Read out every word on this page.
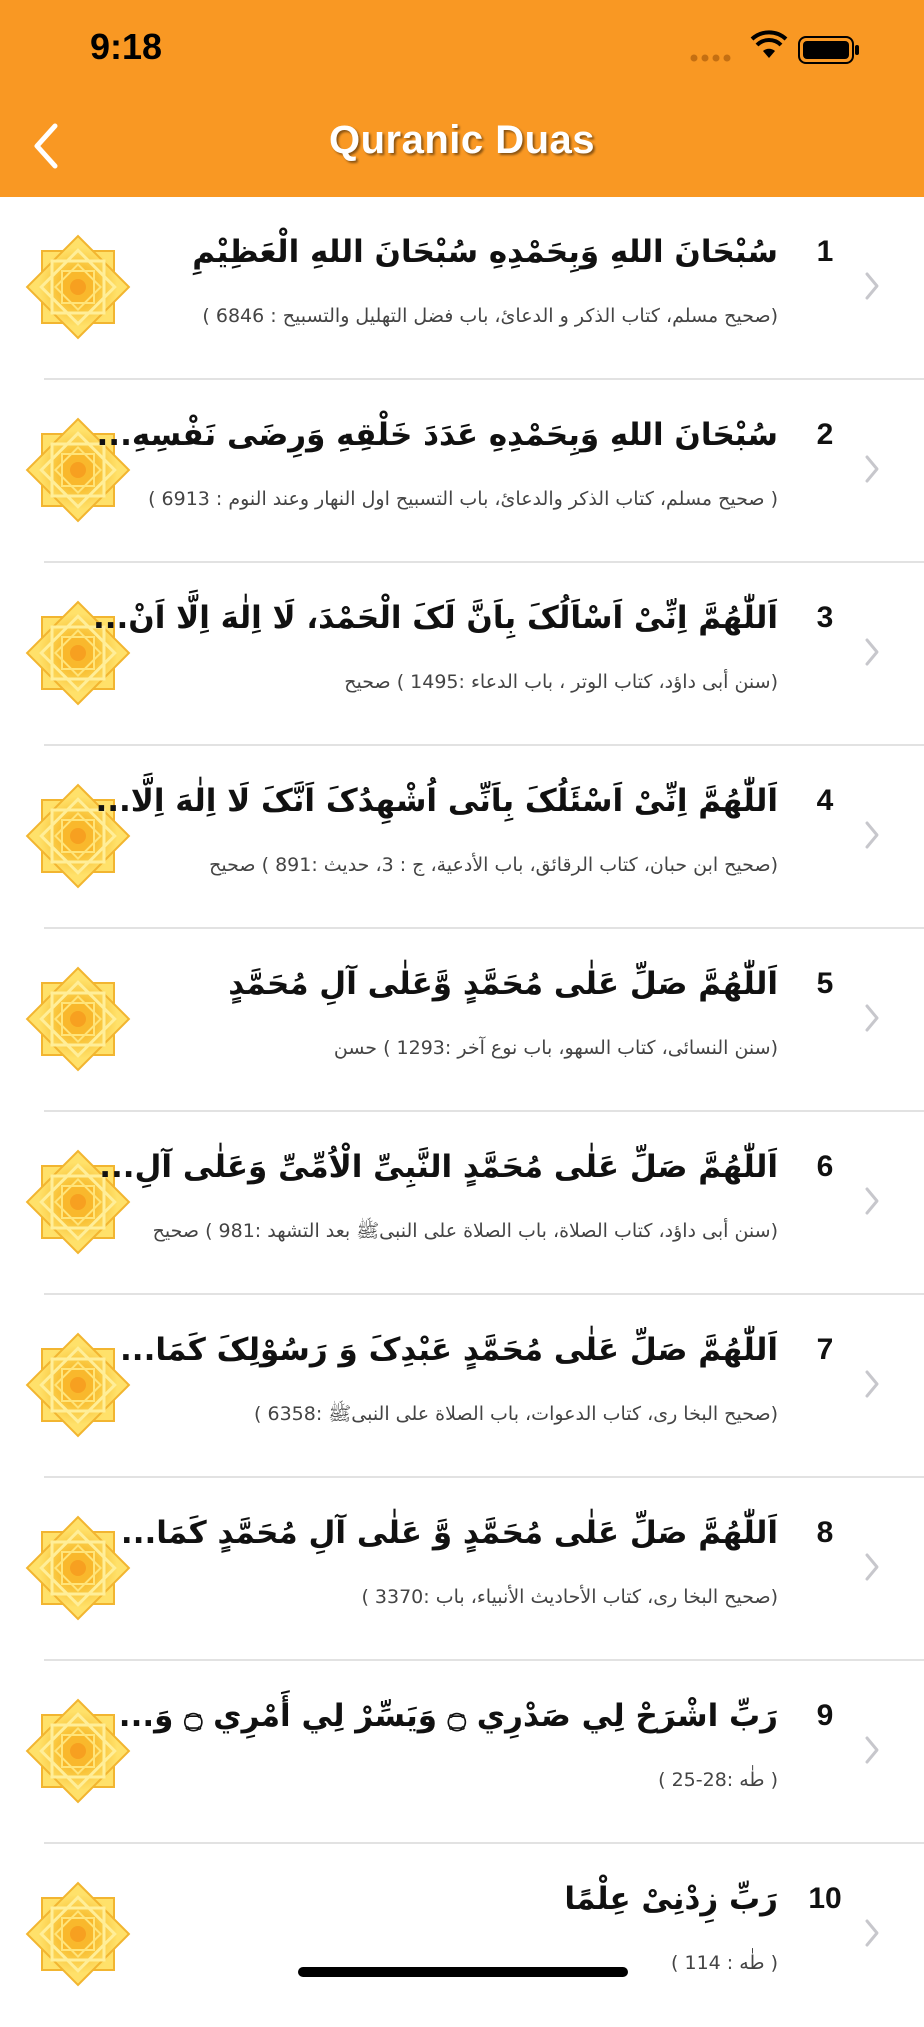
9:18
Quranic Duas
سُبْحَانَ اللهِ وَبِحَمْدِهِ سُبْحَانَ اللهِ الْعَظِيْمِ	1
(صحيح مسلم، كتاب الذكر و الدعائ، باب فضل التهليل والتسبيح : 6846 )
سُبْحَانَ اللهِ وَبِحَمْدِهِ عَدَدَ خَلْقِهِ وَرِضَى نَفْسِهِ...	2
( صحيح مسلم، كتاب الذكر والدعائ، باب التسبيح اول النهار وعند النوم : 6913 )
اَللّٰهُمَّ اِنِّیْ اَسْاَلُکَ بِاَنَّ لَکَ الْحَمْدَ، لَا اِلٰهَ اِلَّا اَنْ...	3
(سنن أبی داؤد، کتاب الوتر ، باب الدعاء :1495 ) صحیح
اَللّٰهُمَّ اِنِّیْ اَسْئَلُکَ بِاَنِّی اُشْهِدُکَ اَنَّکَ لَا اِلٰهَ اِلَّا...	4
(صحيح ابن حبان، كتاب الرقائق، باب الأدعية، ج : 3، حديث :891 ) صحيح
اَللّٰهُمَّ صَلِّ عَلٰی مُحَمَّدٍ وَّعَلٰی آلِ مُحَمَّدٍ	5
(سنن النسائی، کتاب السهو، باب نوع آخر :1293 ) حسن
اَللّٰهُمَّ صَلِّ عَلٰی مُحَمَّدٍ النَّبِیِّ الْاُمِّیِّ وَعَلٰی آلِ...	6
(سنن أبی داؤد، کتاب الصلاة، باب الصلاة علی النبیﷺ بعد التشهد :981 ) صحیح
اَللّٰهُمَّ صَلِّ عَلٰی مُحَمَّدٍ عَبْدِکَ وَ رَسُوْلِکَ کَمَا...	7
(صحیح البخا ری، کتاب الدعوات، باب الصلاة علی النبیﷺ :6358 )
اَللّٰهُمَّ صَلِّ عَلٰی مُحَمَّدٍ وَّ عَلٰی آلِ مُحَمَّدٍ کَمَا...	8
(صحیح البخا ری، کتاب الأحادیث الأنبیاء، باب :3370 )
رَبِّ اشْرَحْ لِي صَدْرِي ۝ وَيَسِّرْ لِي أَمْرِي ۝ وَ...	9
( طٰه :28-25 )
رَبِّ زِدْنِیْ عِلْمًا 10
( طٰه : 114 )
